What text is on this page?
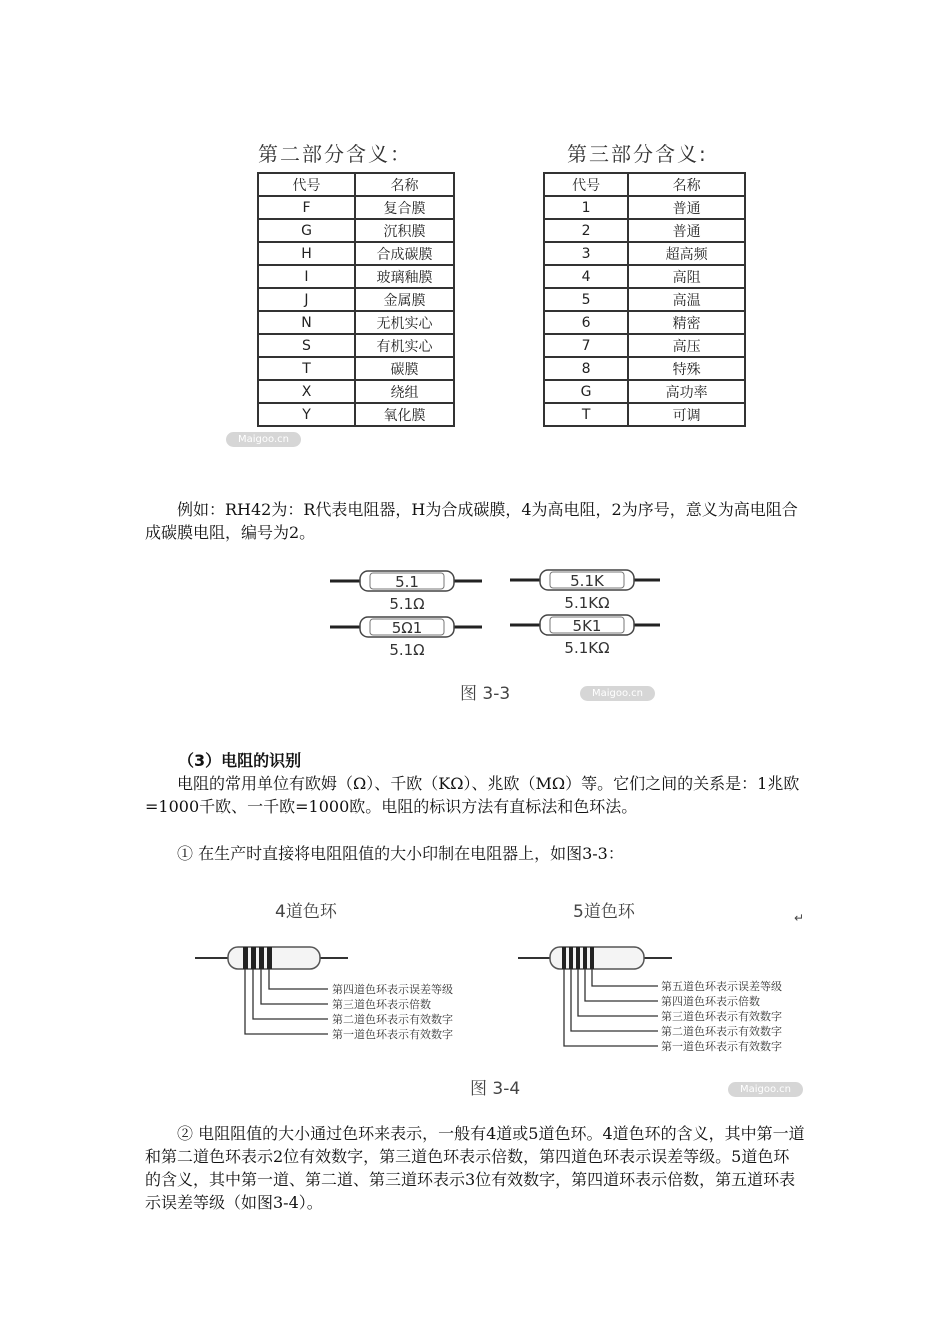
第二部分含义：
代号	名称
F	复合膜
G	沉积膜
H	合成碳膜
I	玻璃釉膜
J	金属膜
N	无机实心
S	有机实心
T	碳膜
X	绕组
Y	氧化膜
Maigoo.cn
第三部分含义:
代号	名称
1	普通
2	普通
3	超高频
4	高阻
5	高温
6	精密
7	高压
8	特殊
G	高功率
T	可调

例如：RH42为：R代表电阻器，H为合成碳膜，4为高电阻，2为序号，意义为高电阻合成碳膜电阻，编号为2。

5.1
5.1Ω
5.1K
5.1KΩ
5Ω1
5.1Ω
5K1
5.1KΩ
图 3-3	Maigoo.cn
（3）电阻的识别

电阻的常用单位有欧姆（Ω）、千欧（KΩ）、兆欧（MΩ）等。它们之间的关系是：1兆欧=1000千欧、一千欧=1000欧。电阻的标识方法有直标法和色环法。

① 在生产时直接将电阻阻值的大小印制在电阻器上，如图3-3：

4道色环
第四道色环表示误差等级
第三道色环表示倍数
第二道色环表示有效数字
第一道色环表示有效数字
5道色环	↵
第五道色环表示误差等级
第四道色环表示倍数
第三道色环表示有效数字
第二道色环表示有效数字
第一道色环表示有效数字
图 3-4	Maigoo.cn

② 电阻阻值的大小通过色环来表示，一般有4道或5道色环。4道色环的含义，其中第一道和第二道色环表示2位有效数字，第三道色环表示倍数，第四道色环表示误差等级。5道色环的含义，其中第一道、第二道、第三道环表示3位有效数字，第四道环表示倍数，第五道环表示误差等级（如图3-4）。
